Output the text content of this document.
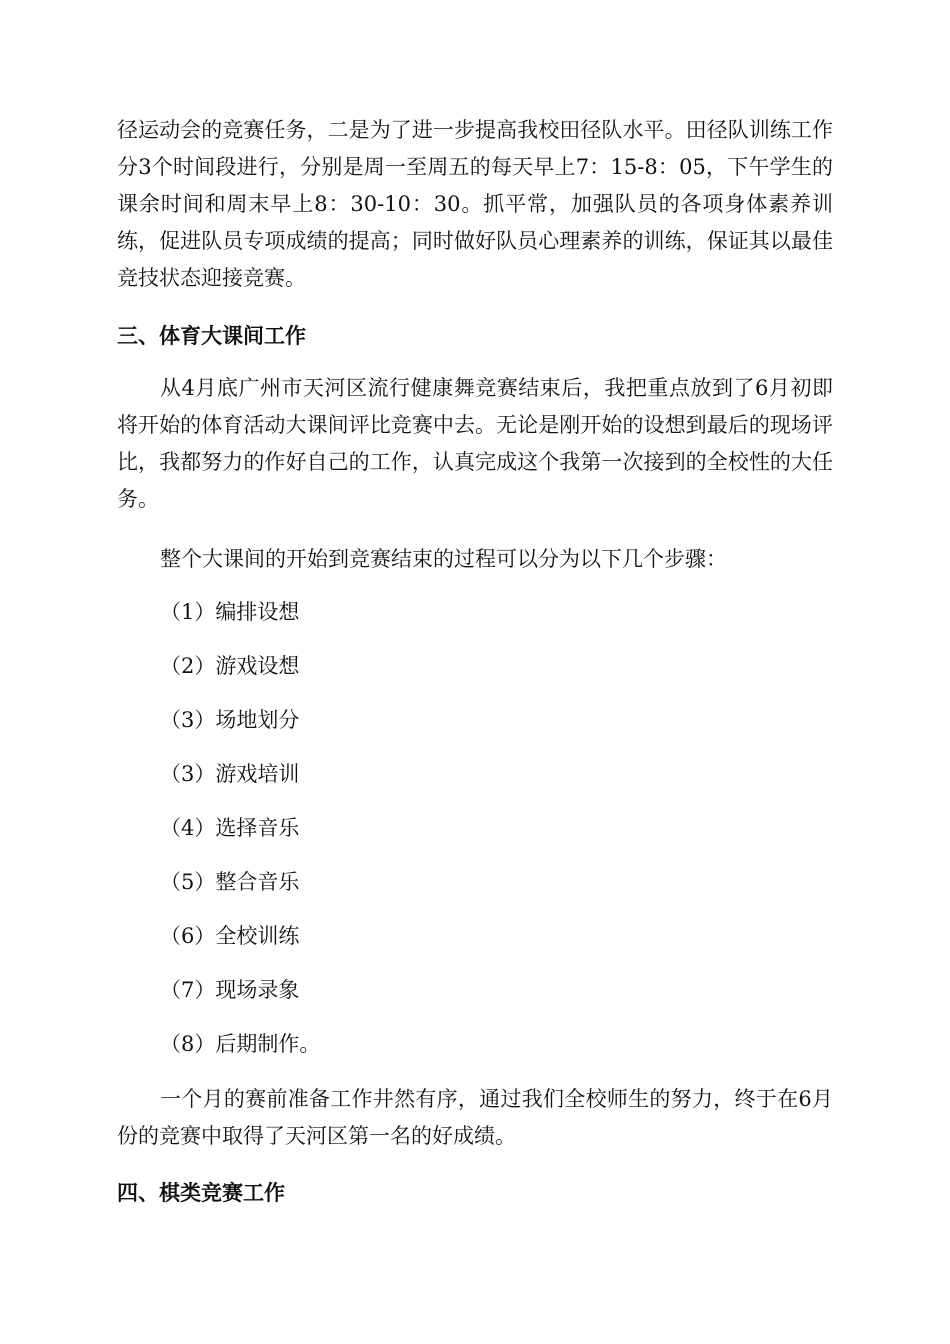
径运动会的竞赛任务，二是为了进一步提高我校田径队水平。田径队训练工作分3个时间段进行，分别是周一至周五的每天早上7：15-8：05，下午学生的课余时间和周末早上8：30-10：30。抓平常，加强队员的各项身体素养训练，促进队员专项成绩的提高；同时做好队员心理素养的训练，保证其以最佳竞技状态迎接竞赛。

三、体育大课间工作

从4月底广州市天河区流行健康舞竞赛结束后，我把重点放到了6月初即将开始的体育活动大课间评比竞赛中去。无论是刚开始的设想到最后的现场评比，我都努力的作好自己的工作，认真完成这个我第一次接到的全校性的大任务。

整个大课间的开始到竞赛结束的过程可以分为以下几个步骤：

（1）编排设想

（2）游戏设想

（3）场地划分

（3）游戏培训

（4）选择音乐

（5）整合音乐

（6）全校训练

（7）现场录象

（8）后期制作。

一个月的赛前准备工作井然有序，通过我们全校师生的努力，终于在6月份的竞赛中取得了天河区第一名的好成绩。

四、棋类竞赛工作
